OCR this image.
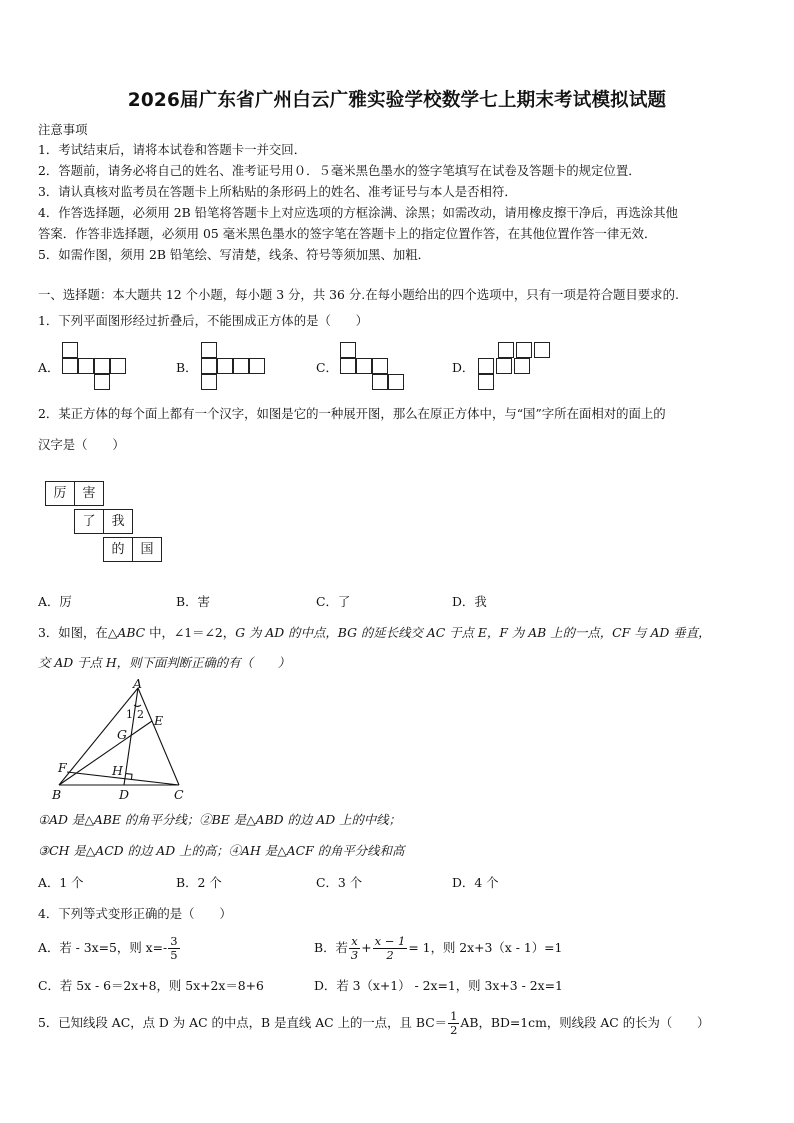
2026届广东省广州白云广雅实验学校数学七上期末考试模拟试题
注意事项
1．考试结束后，请将本试卷和答题卡一并交回．
2．答题前，请务必将自己的姓名、准考证号用０．５毫米黑色墨水的签字笔填写在试卷及答题卡的规定位置．
3．请认真核对监考员在答题卡上所粘贴的条形码上的姓名、准考证号与本人是否相符．
4．作答选择题，必须用 2B 铅笔将答题卡上对应选项的方框涂满、涂黑；如需改动，请用橡皮擦干净后，再选涂其他
答案．作答非选择题，必须用 05 毫米黑色墨水的签字笔在答题卡上的指定位置作答，在其他位置作答一律无效．
5．如需作图，须用 2B 铅笔绘、写清楚，线条、符号等须加黑、加粗．
一、选择题：本大题共 12 个小题，每小题 3 分，共 36 分.在每小题给出的四个选项中，只有一项是符合题目要求的.
1．下列平面图形经过折叠后，不能围成正方体的是（　　）
A．	B．	C．	D．
2．某正方体的每个面上都有一个汉字，如图是它的一种展开图，那么在原正方体中，与“国”字所在面相对的面上的
汉字是（　　）
厉	害
了	我
的	国
A．厉	B．害	C．了	D．我
3．如图，在△ABC 中，∠1＝∠2，G 为 AD 的中点，BG 的延长线交 AC 于点 E，F 为 AB 上的一点，CF 与 AD 垂直，
交 AD 于点 H，则下面判断正确的有（　　）
A
B	C
D
E
F
G
H
1 2
①AD 是△ABE 的角平分线；②BE 是△ABD 的边 AD 上的中线；
③CH 是△ACD 的边 AD 上的高；④AH 是△ACF 的角平分线和高
A．1 个	B．2 个	C．3 个	D．4 个
4．下列等式变形正确的是（　　）
A．若 - 3x=5，则 $x=- \frac{3}{5}$	B．若 $\frac{x}{3} + \frac{x - 1}{2} = 1$，则 2x+3（x - 1）=1
C．若 5x - 6＝2x+8，则 5x+2x＝8+6	D．若 3（x+1） - 2x=1，则 3x+3 - 2x=1
5．已知线段 AC，点 D 为 AC 的中点，B 是直线 AC 上的一点，且 $BC= \frac{1}{2}$ AB，BD=1cm，则线段 AC 的长为（　　）
